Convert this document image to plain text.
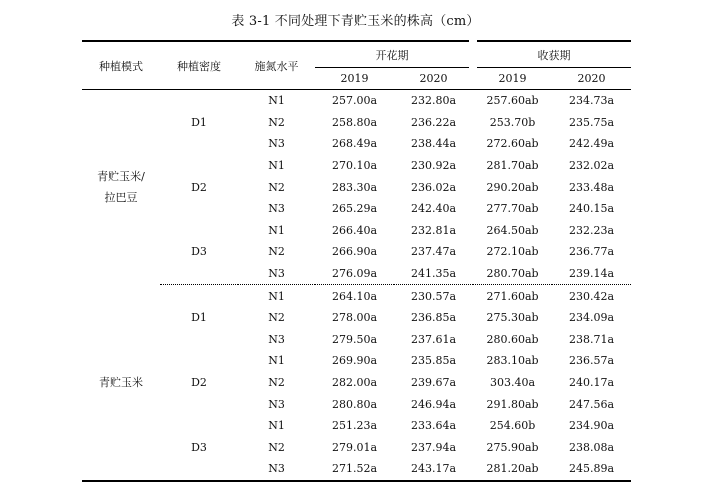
表 3-1 不同处理下青贮玉米的株高（cm）
种植模式	种植密度	施氮水平	开花期		收获期	
			2019	2020	2019	2020

青贮玉米/
拉巴豆	D1	N1	257.00a	232.80a	257.60ab	234.73a
		N2	258.80a	236.22a	253.70b	235.75a
		N3	268.49a	238.44a	272.60ab	242.49a
	D2	N1	270.10a	230.92a	281.70ab	232.02a
		N2	283.30a	236.02a	290.20ab	233.48a
		N3	265.29a	242.40a	277.70ab	240.15a
	D3	N1	266.40a	232.81a	264.50ab	232.23a
		N2	266.90a	237.47a	272.10ab	236.77a
		N3	276.09a	241.35a	280.70ab	239.14a

青贮玉米	D1	N1	264.10a	230.57a	271.60ab	230.42a
		N2	278.00a	236.85a	275.30ab	234.09a
		N3	279.50a	237.61a	280.60ab	238.71a
	D2	N1	269.90a	235.85a	283.10ab	236.57a
		N2	282.00a	239.67a	303.40a	240.17a
		N3	280.80a	246.94a	291.80ab	247.56a
	D3	N1	251.23a	233.64a	254.60b	234.90a
		N2	279.01a	237.94a	275.90ab	238.08a
		N3	271.52a	243.17a	281.20ab	245.89a
